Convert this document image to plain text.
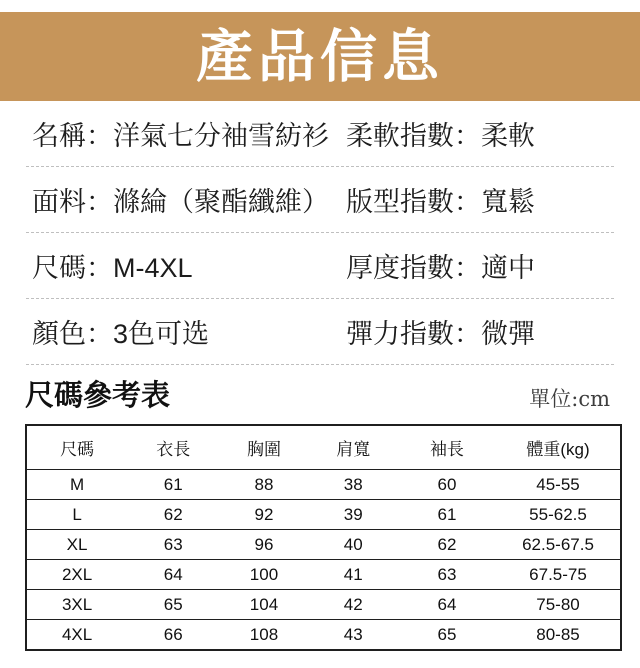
產品信息
名稱：洋氣七分袖雪紡衫 柔軟指數：柔軟
面料：滌綸（聚酯纖維） 版型指數：寬鬆
尺碼：M-4XL	厚度指數：適中
顏色：3色可选	彈力指數：微彈
尺碼參考表	單位:cm
尺碼	衣長	胸圍	肩寬	袖長	體重(kg)
M	61	88	38	60	45-55
L	62	92	39	61	55-62.5
XL	63	96	40	62	62.5-67.5
2XL	64	100	41	63	67.5-75
3XL	65	104	42	64	75-80
4XL	66	108	43	65	80-85
